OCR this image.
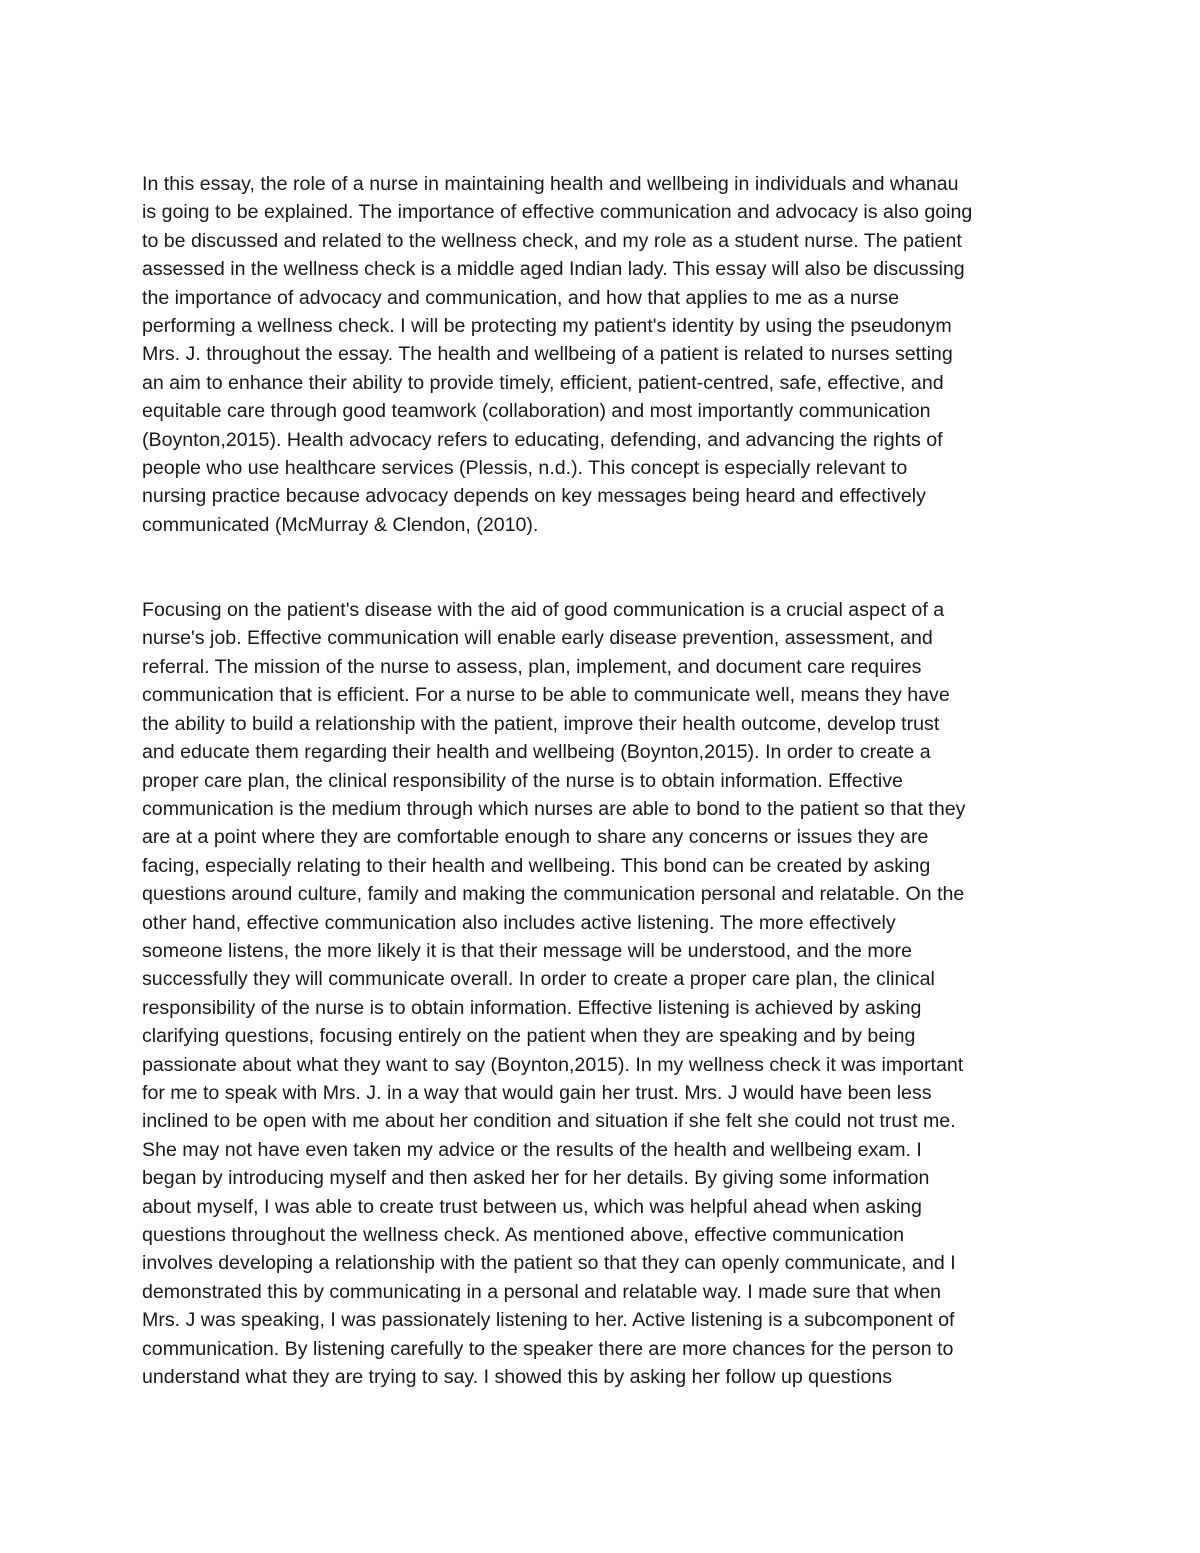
In this essay, the role of a nurse in maintaining health and wellbeing in individuals and whanau
is going to be explained. The importance of effective communication and advocacy is also going
to be discussed and related to the wellness check, and my role as a student nurse. The patient
assessed in the wellness check is a middle aged Indian lady. This essay will also be discussing
the importance of advocacy and communication, and how that applies to me as a nurse
performing a wellness check. I will be protecting my patient's identity by using the pseudonym
Mrs. J. throughout the essay. The health and wellbeing of a patient is related to nurses setting
an aim to enhance their ability to provide timely, efficient, patient-centred, safe, effective, and
equitable care through good teamwork (collaboration) and most importantly communication
(Boynton,2015). Health advocacy refers to educating, defending, and advancing the rights of
people who use healthcare services (Plessis, n.d.). This concept is especially relevant to
nursing practice because advocacy depends on key messages being heard and effectively
communicated (McMurray & Clendon, (2010).

Focusing on the patient's disease with the aid of good communication is a crucial aspect of a
nurse's job. Effective communication will enable early disease prevention, assessment, and
referral. The mission of the nurse to assess, plan, implement, and document care requires
communication that is efficient. For a nurse to be able to communicate well, means they have
the ability to build a relationship with the patient, improve their health outcome, develop trust
and educate them regarding their health and wellbeing (Boynton,2015). In order to create a
proper care plan, the clinical responsibility of the nurse is to obtain information. Effective
communication is the medium through which nurses are able to bond to the patient so that they
are at a point where they are comfortable enough to share any concerns or issues they are
facing, especially relating to their health and wellbeing. This bond can be created by asking
questions around culture, family and making the communication personal and relatable. On the
other hand, effective communication also includes active listening. The more effectively
someone listens, the more likely it is that their message will be understood, and the more
successfully they will communicate overall. In order to create a proper care plan, the clinical
responsibility of the nurse is to obtain information. Effective listening is achieved by asking
clarifying questions, focusing entirely on the patient when they are speaking and by being
passionate about what they want to say (Boynton,2015). In my wellness check it was important
for me to speak with Mrs. J. in a way that would gain her trust. Mrs. J would have been less
inclined to be open with me about her condition and situation if she felt she could not trust me.
She may not have even taken my advice or the results of the health and wellbeing exam. I
began by introducing myself and then asked her for her details. By giving some information
about myself, I was able to create trust between us, which was helpful ahead when asking
questions throughout the wellness check. As mentioned above, effective communication
involves developing a relationship with the patient so that they can openly communicate, and I
demonstrated this by communicating in a personal and relatable way. I made sure that when
Mrs. J was speaking, I was passionately listening to her. Active listening is a subcomponent of
communication. By listening carefully to the speaker there are more chances for the person to
understand what they are trying to say. I showed this by asking her follow up questions
